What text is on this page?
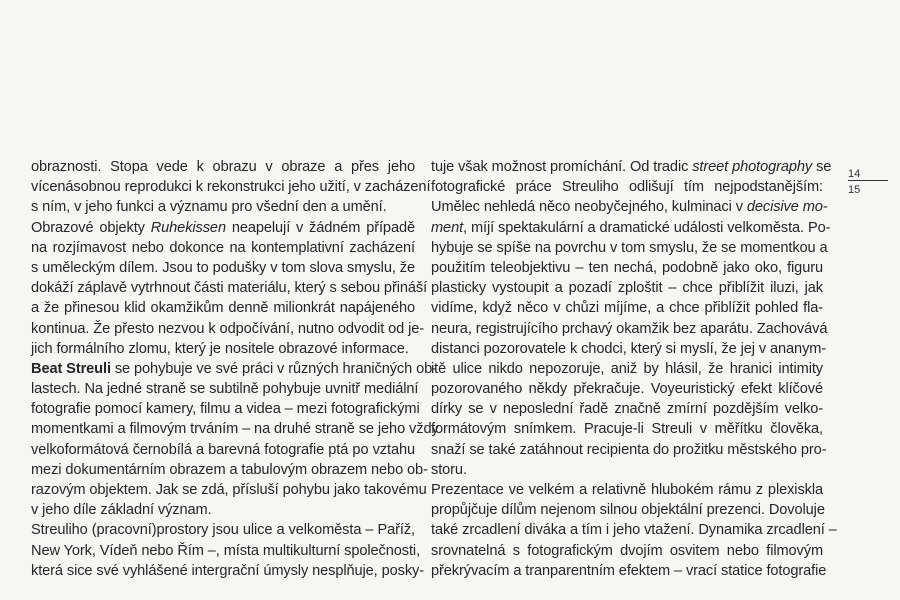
obraznosti. Stopa vede k obrazu v obraze a přes jeho
vícenásobnou reprodukci k rekonstrukci jeho užití, v zacházení
s ním, v jeho funkci a významu pro všední den a umění.
Obrazové objekty Ruhekissen neapelují v žádném případě
na rozjímavost nebo dokonce na kontemplativní zacházení
s uměleckým dílem. Jsou to podušky v tom slova smyslu, že
dokáží záplavě vytrhnout části materiálu, který s sebou přináší
a že přinesou klid okamžikům denně milionkrát napájeného
kontinua. Že přesto nezvou k odpočívání, nutno odvodit od je-
jich formálního zlomu, který je nositele obrazové informace.
Beat Streuli se pohybuje ve své práci v různých hraničných ob-
lastech. Na jedné straně se subtilně pohybuje uvnitř mediální
fotografie pomocí kamery, filmu a videa – mezi fotografickými
momentkami a filmovým trváním – na druhé straně se jeho vždy
velkoformátová černobílá a barevná fotografie ptá po vztahu
mezi dokumentárním obrazem a tabulovým obrazem nebo ob-
razovým objektem. Jak se zdá, přísluší pohybu jako takovému
v jeho díle základní význam.
Streuliho (pracovní)prostory jsou ulice a velkoměsta – Paříž,
New York, Vídeň nebo Řím –, místa multikulturní společnosti,
která sice své vyhlášené intergrační úmysly nesplňuje, posky-
tuje však možnost promíchání. Od tradic street photography se
fotografické práce Streuliho odlišují tím nejpodstanějším:
Umělec nehledá něco neobyčejného, kulminaci v decisive mo-
ment, míjí spektakulární a dramatické události velkoměsta. Po-
hybuje se spíše na povrchu v tom smyslu, že se momentkou a
použitím teleobjektivu – ten nechá, podobně jako oko, figuru
plasticky vystoupit a pozadí zploštit – chce přiblížit iluzi, jak
vidíme, když něco v chůzi míjíme, a chce přiblížit pohled fla-
neura, registrujícího prchavý okamžik bez aparátu. Zachovává
distanci pozorovatele k chodci, který si myslí, že jej v ananym-
itě ulice nikdo nepozoruje, aniž by hlásil, že hranici intimity
pozorovaného někdy překračuje. Voyeuristický efekt klíčové
dírky se v neposlední řadě značně zmírní pozdějším velko-
formátovým snímkem. Pracuje-li Streuli v měřítku člověka,
snaží se také zatáhnout recipienta do prožitku městského pro-
storu.
Prezentace ve velkém a relativně hlubokém rámu z plexiskla
propůjčuje dílům nejenom silnou objektální prezenci. Dovoluje
také zrcadlení diváka a tím i jeho vtažení. Dynamika zrcadlení –
srovnatelná s fotografickým dvojím osvitem nebo filmovým
překrývacím a tranparentním efektem – vrací statice fotografie
14
15
